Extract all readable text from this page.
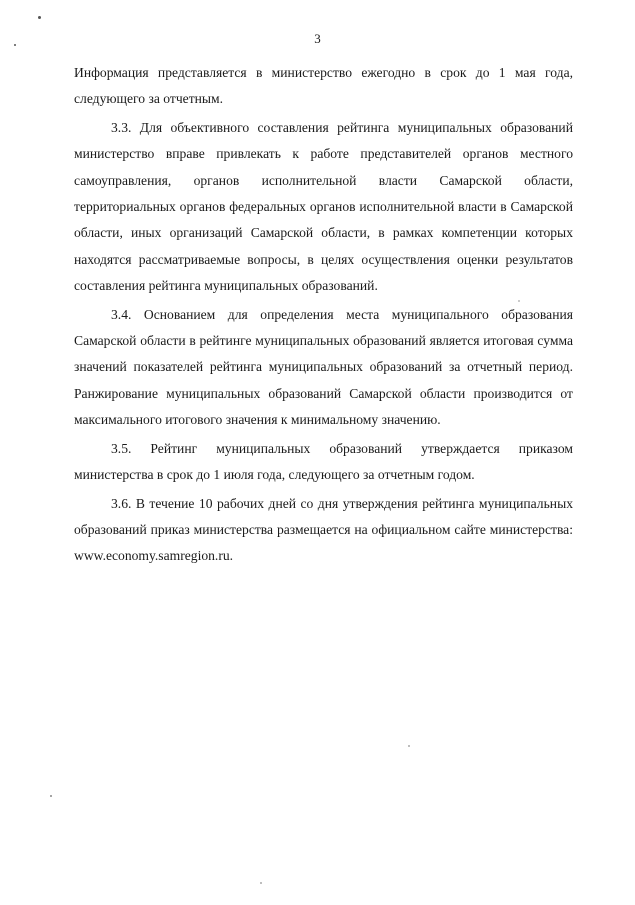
3

Информация представляется в министерство ежегодно в срок до 1 мая года, следующего за отчетным.

3.3. Для объективного составления рейтинга муниципальных образований министерство вправе привлекать к работе представителей органов местного самоуправления, органов исполнительной власти Самарской области, территориальных органов федеральных органов исполнительной власти в Самарской области, иных организаций Самарской области, в рамках компетенции которых находятся рассматриваемые вопросы, в целях осуществления оценки результатов составления рейтинга муниципальных образований.

3.4. Основанием для определения места муниципального образования Самарской области в рейтинге муниципальных образований является итоговая сумма значений показателей рейтинга муниципальных образований за отчетный период. Ранжирование муниципальных образований Самарской области производится от максимального итогового значения к минимальному значению.

3.5. Рейтинг муниципальных образований утверждается приказом министерства в срок до 1 июля года, следующего за отчетным годом.

3.6. В течение 10 рабочих дней со дня утверждения рейтинга муниципальных образований приказ министерства размещается на официальном сайте министерства: www.economy.samregion.ru.
